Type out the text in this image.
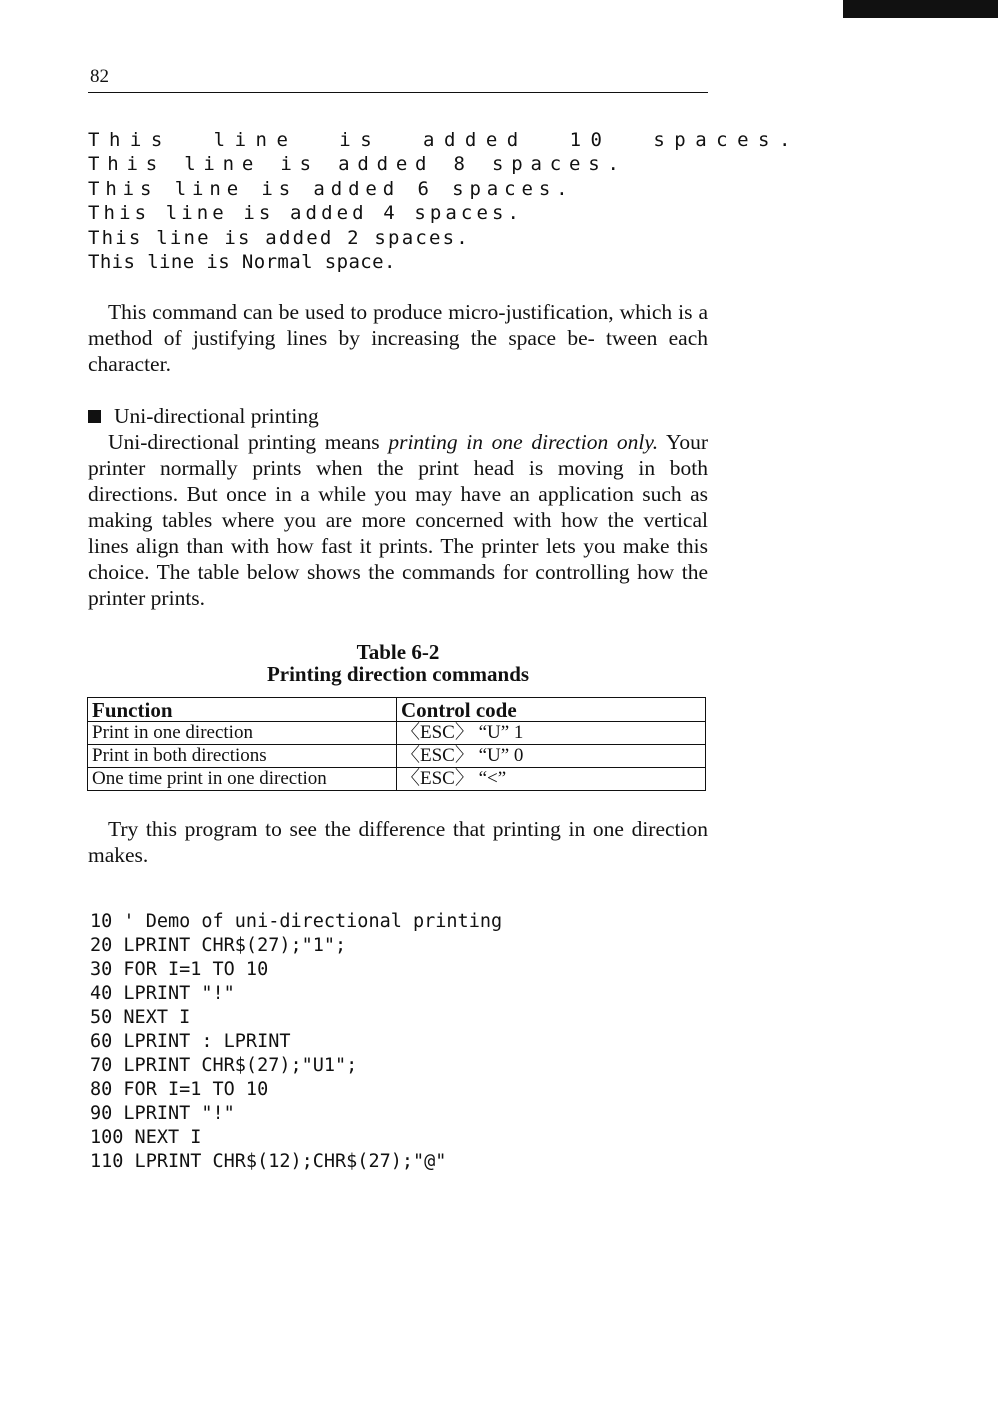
82
This  line  is  added  10  spaces.
This line is added 8 spaces.
This line is added 6 spaces.
This line is added 4 spaces.
This line is added 2 spaces.
This line is Normal space.

This command can be used to produce micro-justification, which is a method of justifying lines by increasing the space be- tween each character.

Uni-directional printing

Uni-directional printing means printing in one direction only. Your printer normally prints when the print head is moving in both directions. But once in a while you may have an application such as making tables where you are more concerned with how the vertical lines align than with how fast it prints. The printer lets you make this choice. The table below shows the commands for controlling how the printer prints.

Table 6-2
Printing direction commands
Function	Control code
Print in one direction	〈ESC〉 “U” 1
Print in both directions	〈ESC〉 “U” 0
One time print in one direction	〈ESC〉 “<”

Try this program to see the difference that printing in one direction makes.

10 ' Demo of uni-directional printing
20 LPRINT CHR$(27);"1";
30 FOR I=1 TO 10
40 LPRINT "!"
50 NEXT I
60 LPRINT : LPRINT
70 LPRINT CHR$(27);"U1";
80 FOR I=1 TO 10
90 LPRINT "!"
100 NEXT I
110 LPRINT CHR$(12);CHR$(27);"@"
